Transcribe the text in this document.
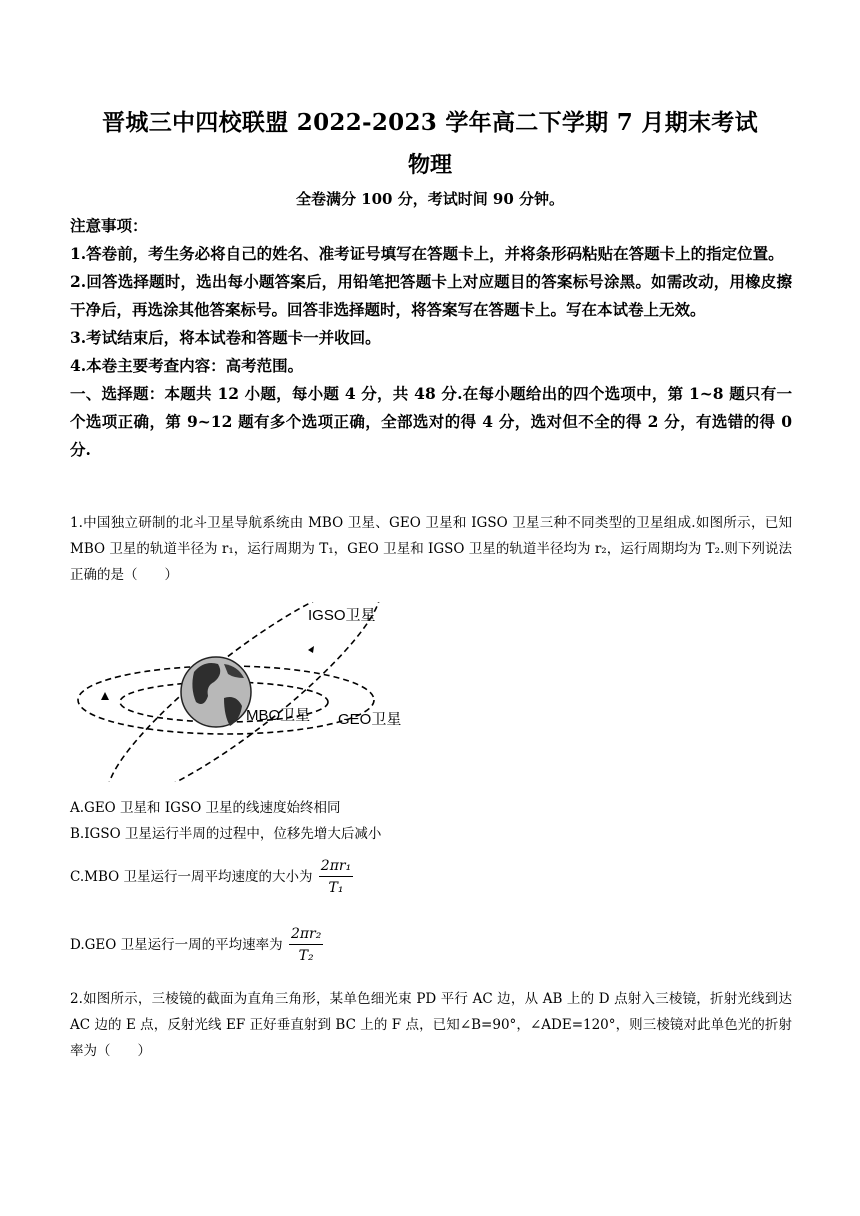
晋城三中四校联盟 2022-2023 学年高二下学期 7 月期末考试
物理
全卷满分 100 分，考试时间 90 分钟。
注意事项：
1.答卷前，考生务必将自己的姓名、准考证号填写在答题卡上，并将条形码粘贴在答题卡上的指定位置。
2.回答选择题时，选出每小题答案后，用铅笔把答题卡上对应题目的答案标号涂黑。如需改动，用橡皮擦干净后，再选涂其他答案标号。回答非选择题时，将答案写在答题卡上。写在本试卷上无效。
3.考试结束后，将本试卷和答题卡一并收回。
4.本卷主要考查内容：高考范围。
一、选择题：本题共 12 小题，每小题 4 分，共 48 分.在每小题给出的四个选项中，第 1~8 题只有一个选项正确，第 9~12 题有多个选项正确，全部选对的得 4 分，选对但不全的得 2 分，有选错的得 0 分.
1.中国独立研制的北斗卫星导航系统由 MBO 卫星、GEO 卫星和 IGSO 卫星三种不同类型的卫星组成.如图所示，已知 MBO 卫星的轨道半径为 r₁，运行周期为 T₁，GEO 卫星和 IGSO 卫星的轨道半径均为 r₂，运行周期均为 T₂.则下列说法正确的是（　　）
IGSO卫星
MBO卫星 GEO卫星
A.GEO 卫星和 IGSO 卫星的线速度始终相同
B.IGSO 卫星运行半周的过程中，位移先增大后减小
C.MBO 卫星运行一周平均速度的大小为 $\frac{\text{2πr₁}}{\text{T₁}}$
D.GEO 卫星运行一周的平均速率为 $\frac{\text{2πr₂}}{\text{T₂}}$
2.如图所示，三棱镜的截面为直角三角形，某单色细光束 PD 平行 AC 边，从 AB 上的 D 点射入三棱镜，折射光线到达 AC 边的 E 点，反射光线 EF 正好垂直射到 BC 上的 F 点，已知∠B=90°，∠ADE=120°，则三棱镜对此单色光的折射率为（　　）
